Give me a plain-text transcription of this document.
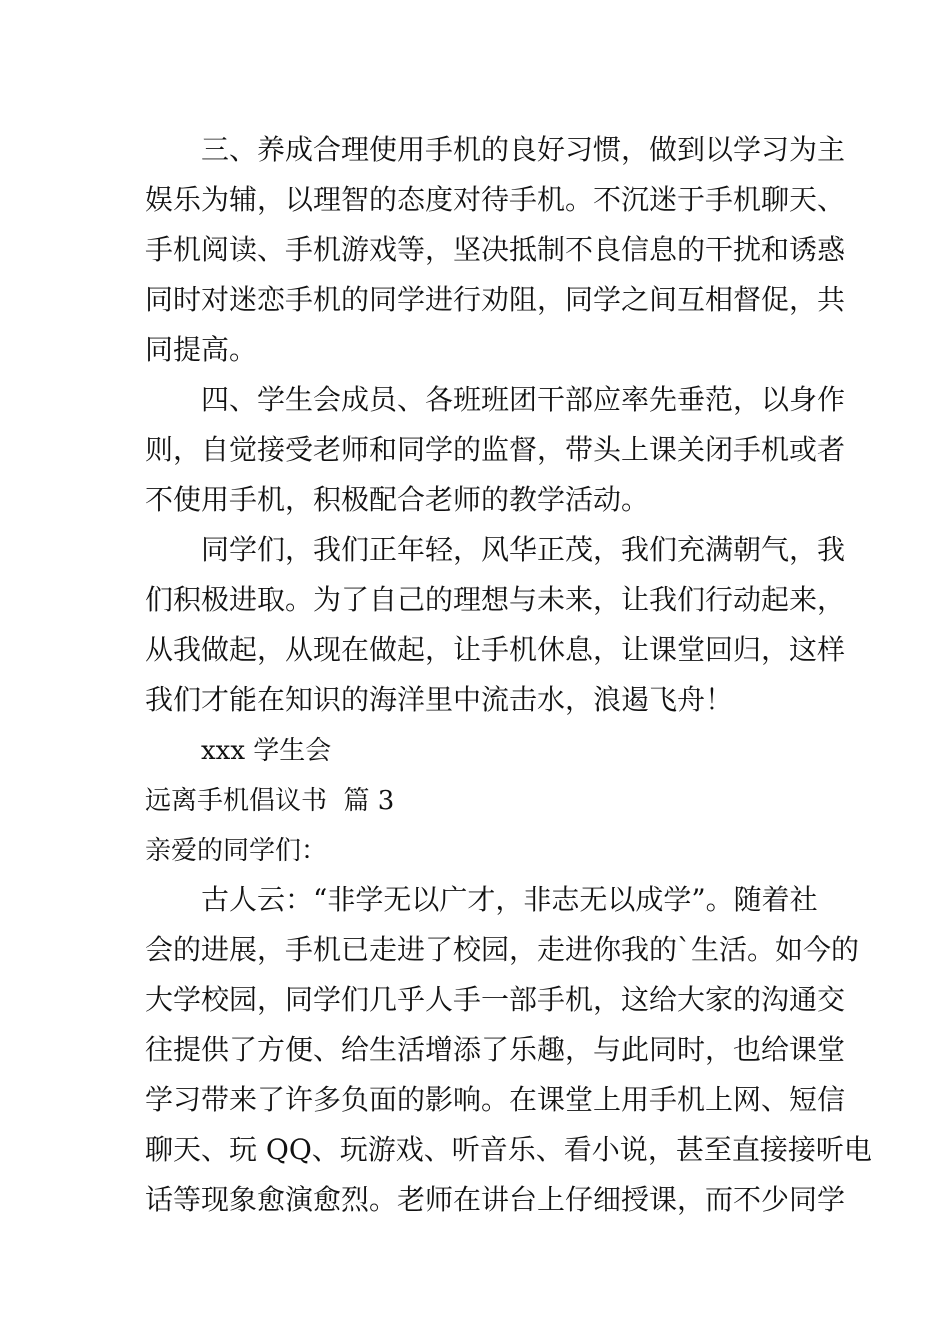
三、养成合理使用手机的良好习惯，做到以学习为主
娱乐为辅，以理智的态度对待手机。不沉迷于手机聊天、
手机阅读、手机游戏等，坚决抵制不良信息的干扰和诱惑
同时对迷恋手机的同学进行劝阻，同学之间互相督促，共
同提高。
四、学生会成员、各班班团干部应率先垂范，以身作
则，自觉接受老师和同学的监督，带头上课关闭手机或者
不使用手机，积极配合老师的教学活动。
同学们，我们正年轻，风华正茂，我们充满朝气，我
们积极进取。为了自己的理想与未来，让我们行动起来，
从我做起，从现在做起，让手机休息，让课堂回归，这样
我们才能在知识的海洋里中流击水，浪遏飞舟！
xxx 学生会
远离手机倡议书  篇 3
亲爱的同学们：
古人云：“非学无以广才，非志无以成学”。随着社
会的进展，手机已走进了校园，走进你我的`生活。如今的
大学校园，同学们几乎人手一部手机，这给大家的沟通交
往提供了方便、给生活增添了乐趣，与此同时，也给课堂
学习带来了许多负面的影响。在课堂上用手机上网、短信
聊天、玩 QQ、玩游戏、听音乐、看小说，甚至直接接听电
话等现象愈演愈烈。老师在讲台上仔细授课，而不少同学
